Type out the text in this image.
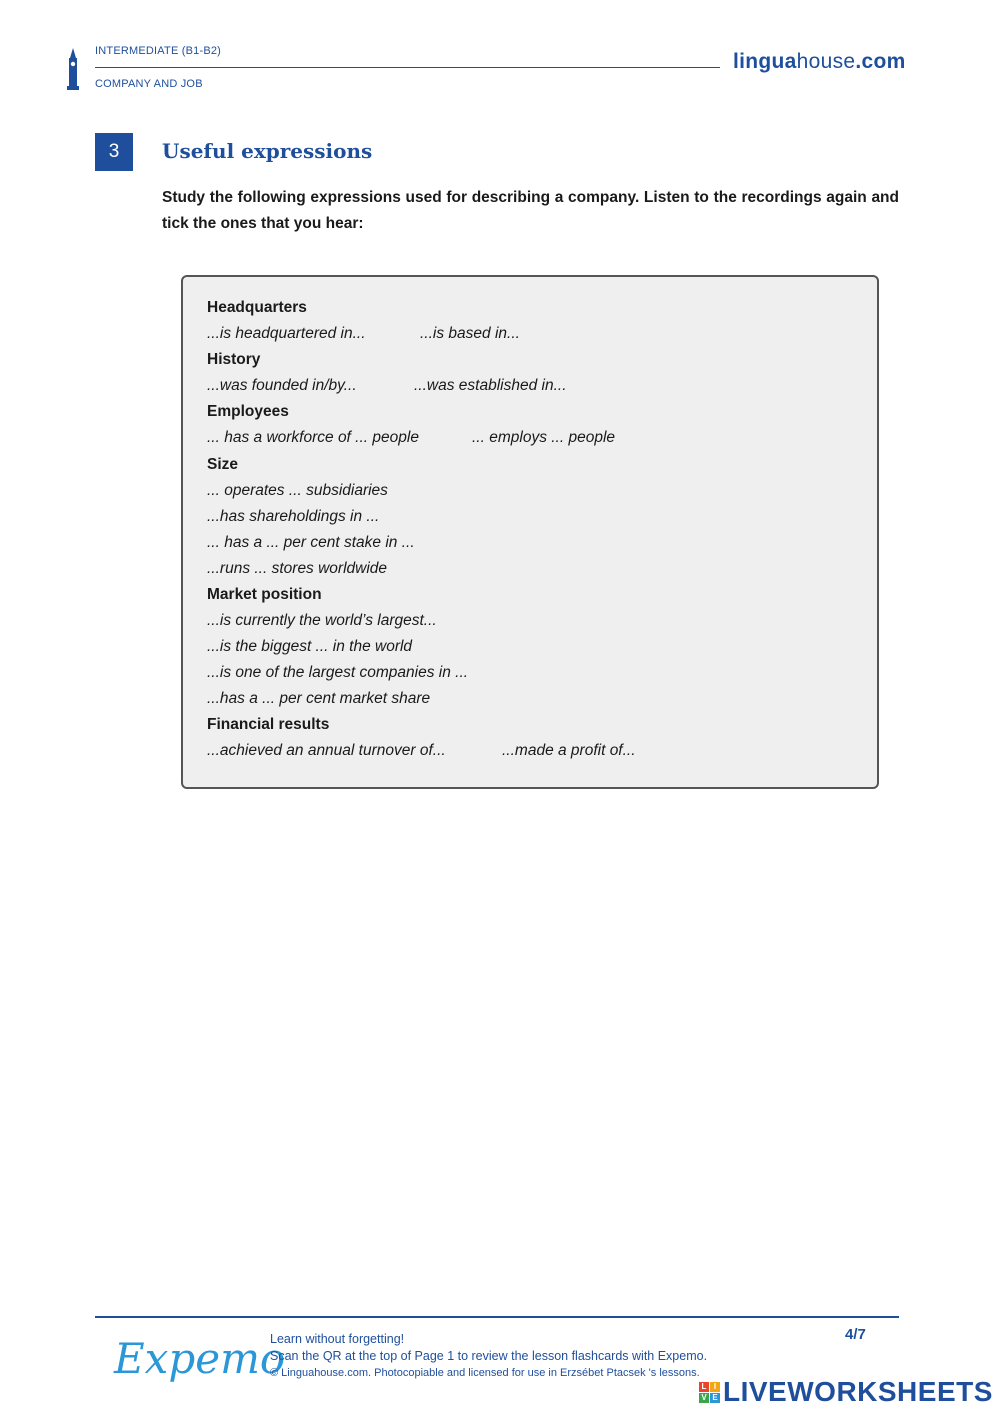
INTERMEDIATE (B1-B2)
COMPANY AND JOB
linguahouse.com
3	Useful expressions
Study the following expressions used for describing a company. Listen to the recordings again and tick the ones that you hear:
Headquarters
...is headquartered in...	...is based in...
History
...was founded in/by...	...was established in...
Employees
... has a workforce of ... people	... employs ... people
Size
... operates ... subsidiaries
...has shareholdings in ...
... has a ... per cent stake in ...
...runs ... stores worldwide
Market position
...is currently the world’s largest...
...is the biggest ... in the world
...is one of the largest companies in ...
...has a ... per cent market share
Financial results
...achieved an annual turnover of...	...made a profit of...
Expemo
Learn without forgetting!
Scan the QR at the top of Page 1 to review the lesson flashcards with Expemo.
© Linguahouse.com. Photocopiable and licensed for use in Erzsébet Ptacsek 's lessons.
4/7
L I
V E LIVEWORKSHEETS
